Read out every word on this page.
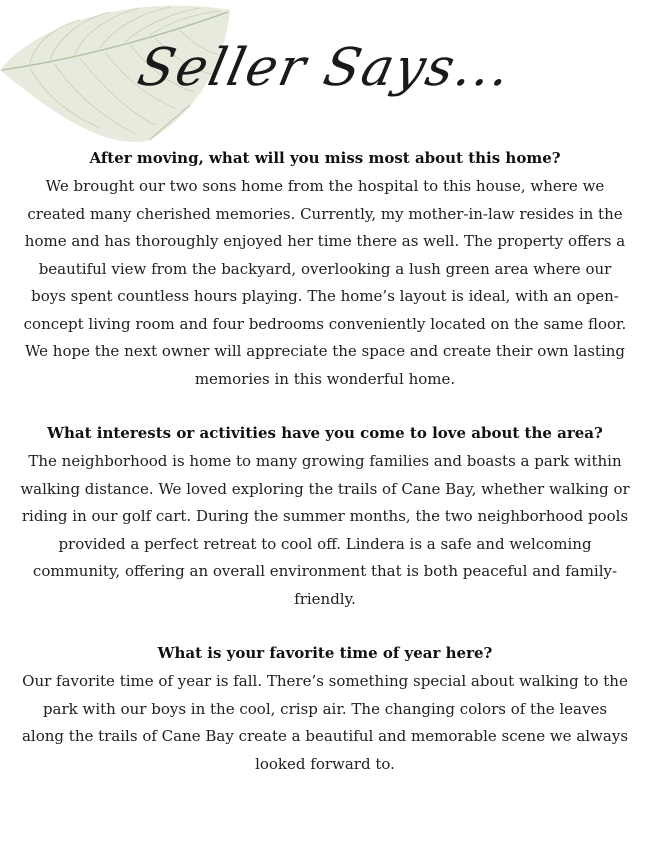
Seller Says...

After moving, what will you miss most about this home?

We brought our two sons home from the hospital to this house, where we created many cherished memories. Currently, my mother-in-law resides in the home and has thoroughly enjoyed her time there as well. The property offers a beautiful view from the backyard, overlooking a lush green area where our boys spent countless hours playing. The home’s layout is ideal, with an open-concept living room and four bedrooms conveniently located on the same floor. We hope the next owner will appreciate the space and create their own lasting memories in this wonderful home.

What interests or activities have you come to love about the area?

The neighborhood is home to many growing families and boasts a park within walking distance. We loved exploring the trails of Cane Bay, whether walking or riding in our golf cart. During the summer months, the two neighborhood pools provided a perfect retreat to cool off. Lindera is a safe and welcoming community, offering an overall environment that is both peaceful and family-friendly.

What is your favorite time of year here?

Our favorite time of year is fall. There’s something special about walking to the park with our boys in the cool, crisp air. The changing colors of the leaves along the trails of Cane Bay create a beautiful and memorable scene we always looked forward to.
